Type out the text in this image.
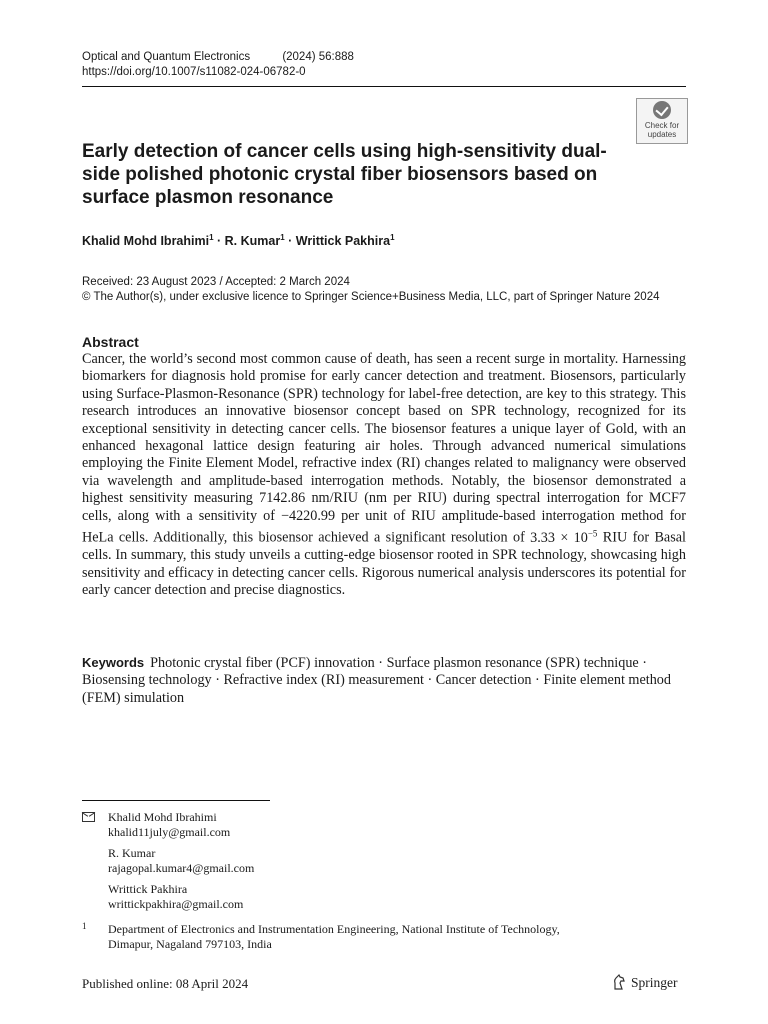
Optical and Quantum Electronics	(2024) 56:888
https://doi.org/10.1007/s11082-024-06782-0
Check for
updates
Early detection of cancer cells using high-sensitivity dual-side polished photonic crystal fiber biosensors based on surface plasmon resonance
Khalid Mohd Ibrahimi$^1$ · R. Kumar$^1$ · Writtick Pakhira$^1$
Received: 23 August 2023 / Accepted: 2 March 2024
© The Author(s), under exclusive licence to Springer Science+Business Media, LLC, part of Springer Nature 2024
Abstract

Cancer, the world’s second most common cause of death, has seen a recent surge in mortality. Harnessing biomarkers for diagnosis hold promise for early cancer detection and treatment. Biosensors, particularly using Surface-Plasmon-Resonance (SPR) technology for label-free detection, are key to this strategy. This research introduces an innovative biosensor concept based on SPR technology, recognized for its exceptional sensitivity in detecting cancer cells. The biosensor features a unique layer of Gold, with an enhanced hexagonal lattice design featuring air holes. Through advanced numerical simulations employing the Finite Element Model, refractive index (RI) changes related to malignancy were observed via wavelength and amplitude-based interrogation methods. Notably, the biosensor demonstrated a highest sensitivity measuring 7142.86 nm/RIU (nm per RIU) during spectral interrogation for MCF7 cells, along with a sensitivity of −4220.99 per unit of RIU amplitude-based interrogation method for HeLa cells. Additionally, this biosensor achieved a significant resolution of $3.33 \times 10^{-5}$ RIU for Basal cells. In summary, this study unveils a cutting-edge biosensor rooted in SPR technology, showcasing high sensitivity and efficacy in detecting cancer cells. Rigorous numerical analysis underscores its potential for early cancer detection and precise diagnostics.

Keywords Photonic crystal fiber (PCF) innovation · Surface plasmon resonance (SPR) technique · Biosensing technology · Refractive index (RI) measurement · Cancer detection · Finite element method (FEM) simulation

Khalid Mohd Ibrahimi
khalid11july@gmail.com
R. Kumar
rajagopal.kumar4@gmail.com
Writtick Pakhira
writtickpakhira@gmail.com
1	Department of Electronics and Instrumentation Engineering, National Institute of Technology,
Dimapur, Nagaland 797103, India
Published online: 08 April 2024	Springer
